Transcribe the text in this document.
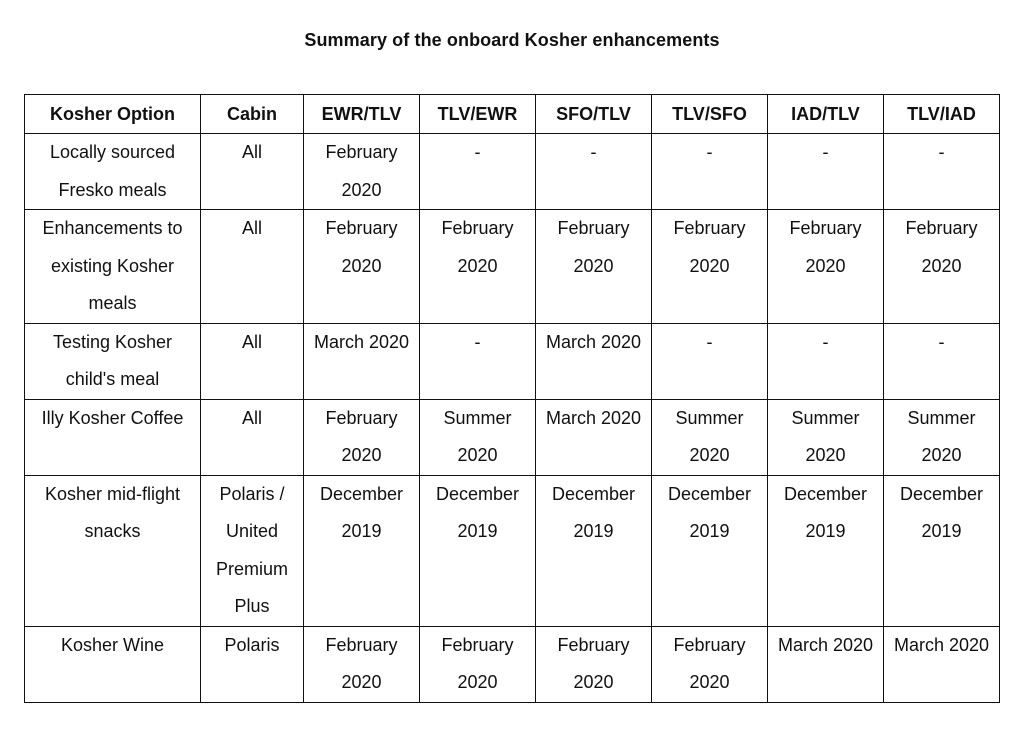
Summary of the onboard Kosher enhancements
Kosher Option	Cabin	EWR/TLV	TLV/EWR	SFO/TLV	TLV/SFO	IAD/TLV	TLV/IAD
Locally sourced Fresko meals	All	February 2020	-	-	-	-	-
Enhancements to existing Kosher meals	All	February 2020	February 2020	February 2020	February 2020	February 2020	February 2020
Testing Kosher child's meal	All	March 2020	-	March 2020	-	-	-
Illy Kosher Coffee	All	February 2020	Summer 2020	March 2020	Summer 2020	Summer 2020	Summer 2020
Kosher mid-flight snacks	Polaris / United Premium Plus	December 2019	December 2019	December 2019	December 2019	December 2019	December 2019
Kosher Wine	Polaris	February 2020	February 2020	February 2020	February 2020	March 2020	March 2020
